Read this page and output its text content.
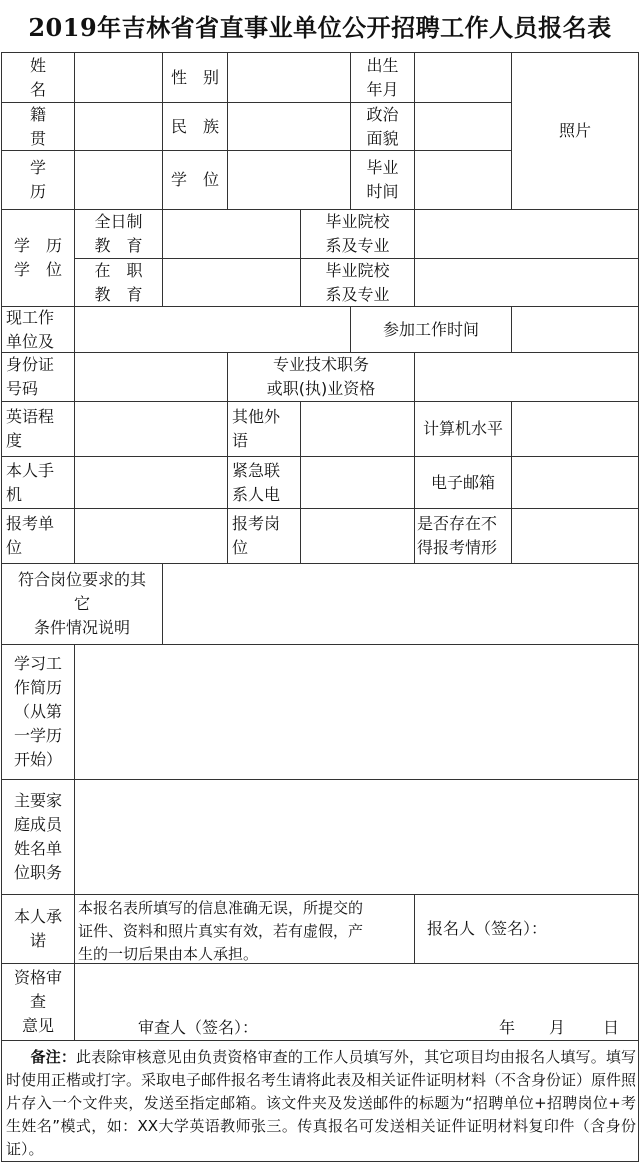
2019年吉林省省直事业单位公开招聘工作人员报名表
姓
名
性　别
出生
年月
照片
籍
贯
民　族
政治
面貌
学
历
学　位
毕业
时间
学　历
学　位
全日制
教　育
毕业院校
系及专业
在　职
教　育
毕业院校
系及专业
现工作
单位及
参加工作时间
身份证
号码
专业技术职务
或职(执)业资格
英语程
度
其他外
语
计算机水平
本人手
机
紧急联
系人电
电子邮箱
报考单
位
报考岗
位
是否存在不
得报考情形
符合岗位要求的其
它
条件情况说明
学习工
作简历
（从第
一学历
开始）
主要家
庭成员
姓名单
位职务
本人承
诺
本报名表所填写的信息准确无误，所提交的
证件、资料和照片真实有效，若有虚假，产
生的一切后果由本人承担。
报名人（签名）：
资格审
查
意见	审查人（签名）：	年 月 日
备注：此表除审核意见由负责资格审查的工作人员填写外，其它项目均由报名人填写。填写时使用正楷或打字。采取电子邮件报名考生请将此表及相关证件证明材料（不含身份证）原件照片存入一个文件夹，发送至指定邮箱。该文件夹及发送邮件的标题为“招聘单位+招聘岗位+考生姓名”模式，如：XX大学英语教师张三。传真报名可发送相关证件证明材料复印件（含身份证）。
